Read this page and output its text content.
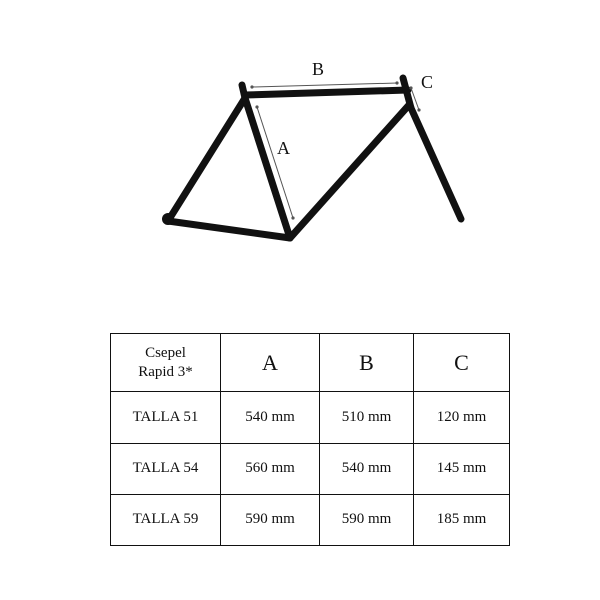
A
B
C
Csepel
Rapid 3*	A	B	C
TALLA 51	540 mm	510 mm	120 mm
TALLA 54	560 mm	540 mm	145 mm
TALLA 59	590 mm	590 mm	185 mm
